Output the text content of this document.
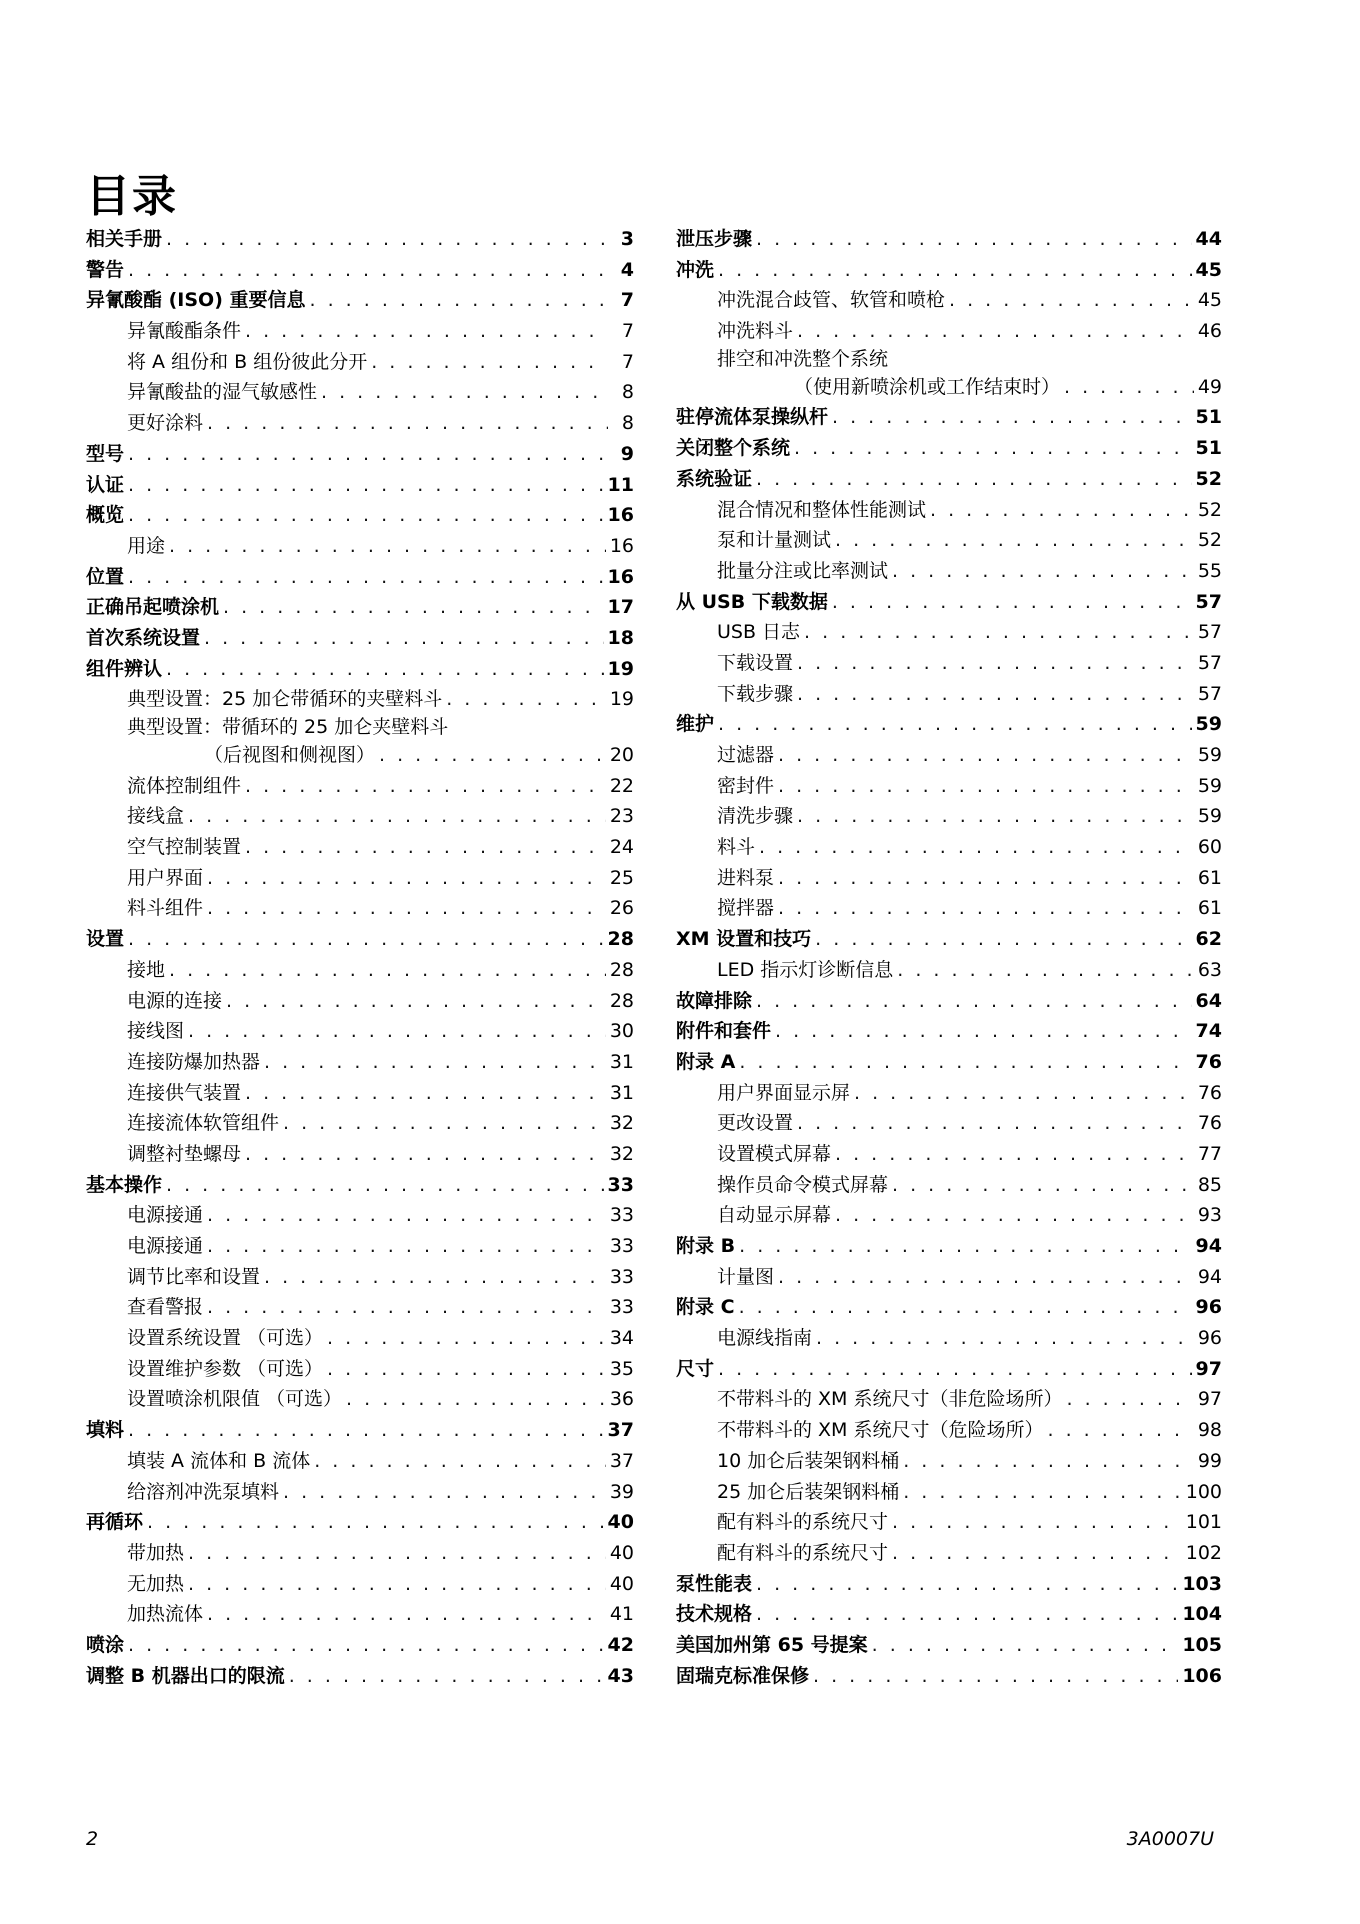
目录
相关手册 . . .	3
警告 . . .	4
异氰酸酯 (ISO) 重要信息 . . .	7
异氰酸酯条件 . . .	7
将 A 组份和 B 组份彼此分开 . . .	7
异氰酸盐的湿气敏感性 . . .	8
更好涂料 . . .	8
型号 . . .	9
认证 . . .	11
概览 . . .	16
用途 . . .	16
位置 . . .	16
正确吊起喷涂机 . . .	17
首次系统设置 . . .	18
组件辨认 . . .	19
典型设置：25 加仑带循环的夹壁料斗 . . .	19
典型设置：带循环的 25 加仑夹壁料斗
（后视图和侧视图） . . .	20
流体控制组件 . . .	22
接线盒 . . .	23
空气控制装置 . . .	24
用户界面 . . .	25
料斗组件 . . .	26
设置 . . .	28
接地 . . .	28
电源的连接 . . .	28
接线图 . . .	30
连接防爆加热器 . . .	31
连接供气装置 . . .	31
连接流体软管组件 . . .	32
调整衬垫螺母 . . .	32
基本操作 . . .	33
电源接通 . . .	33
电源接通 . . .	33
调节比率和设置 . . .	33
查看警报 . . .	33
设置系统设置 （可选） . . .	34
设置维护参数 （可选） . . .	35
设置喷涂机限值 （可选） . . .	36
填料 . . .	37
填装 A 流体和 B 流体 . . .	37
给溶剂冲洗泵填料 . . .	39
再循环 . . .	40
带加热 . . .	40
无加热 . . .	40
加热流体 . . .	41
喷涂 . . .	42
调整 B 机器出口的限流 . . .	43
泄压步骤 . . .	44
冲洗 . . .	45
冲洗混合歧管、软管和喷枪 . . .	45
冲洗料斗 . . .	46
排空和冲洗整个系统
（使用新喷涂机或工作结束时） . . .	49
驻停流体泵操纵杆 . . .	51
关闭整个系统 . . .	51
系统验证 . . .	52
混合情况和整体性能测试 . . .	52
泵和计量测试 . . .	52
批量分注或比率测试 . . .	55
从 USB 下载数据 . . .	57
USB 日志 . . .	57
下载设置 . . .	57
下载步骤 . . .	57
维护 . . .	59
过滤器 . . .	59
密封件 . . .	59
清洗步骤 . . .	59
料斗 . . .	60
进料泵 . . .	61
搅拌器 . . .	61
XM 设置和技巧 . . .	62
LED 指示灯诊断信息 . . .	63
故障排除 . . .	64
附件和套件 . . .	74
附录 A . . .	76
用户界面显示屏 . . .	76
更改设置 . . .	76
设置模式屏幕 . . .	77
操作员命令模式屏幕 . . .	85
自动显示屏幕 . . .	93
附录 B . . .	94
计量图 . . .	94
附录 C . . .	96
电源线指南 . . .	96
尺寸 . . .	97
不带料斗的 XM 系统尺寸（非危险场所） . . .	97
不带料斗的 XM 系统尺寸（危险场所） . . .	98
10 加仑后装架钢料桶 . . .	99
25 加仑后装架钢料桶 . . .	100
配有料斗的系统尺寸 . . .	101
配有料斗的系统尺寸 . . .	102
泵性能表 . . .	103
技术规格 . . .	104
美国加州第 65 号提案 . . .	105
固瑞克标准保修 . . .	106

2	3A0007U
